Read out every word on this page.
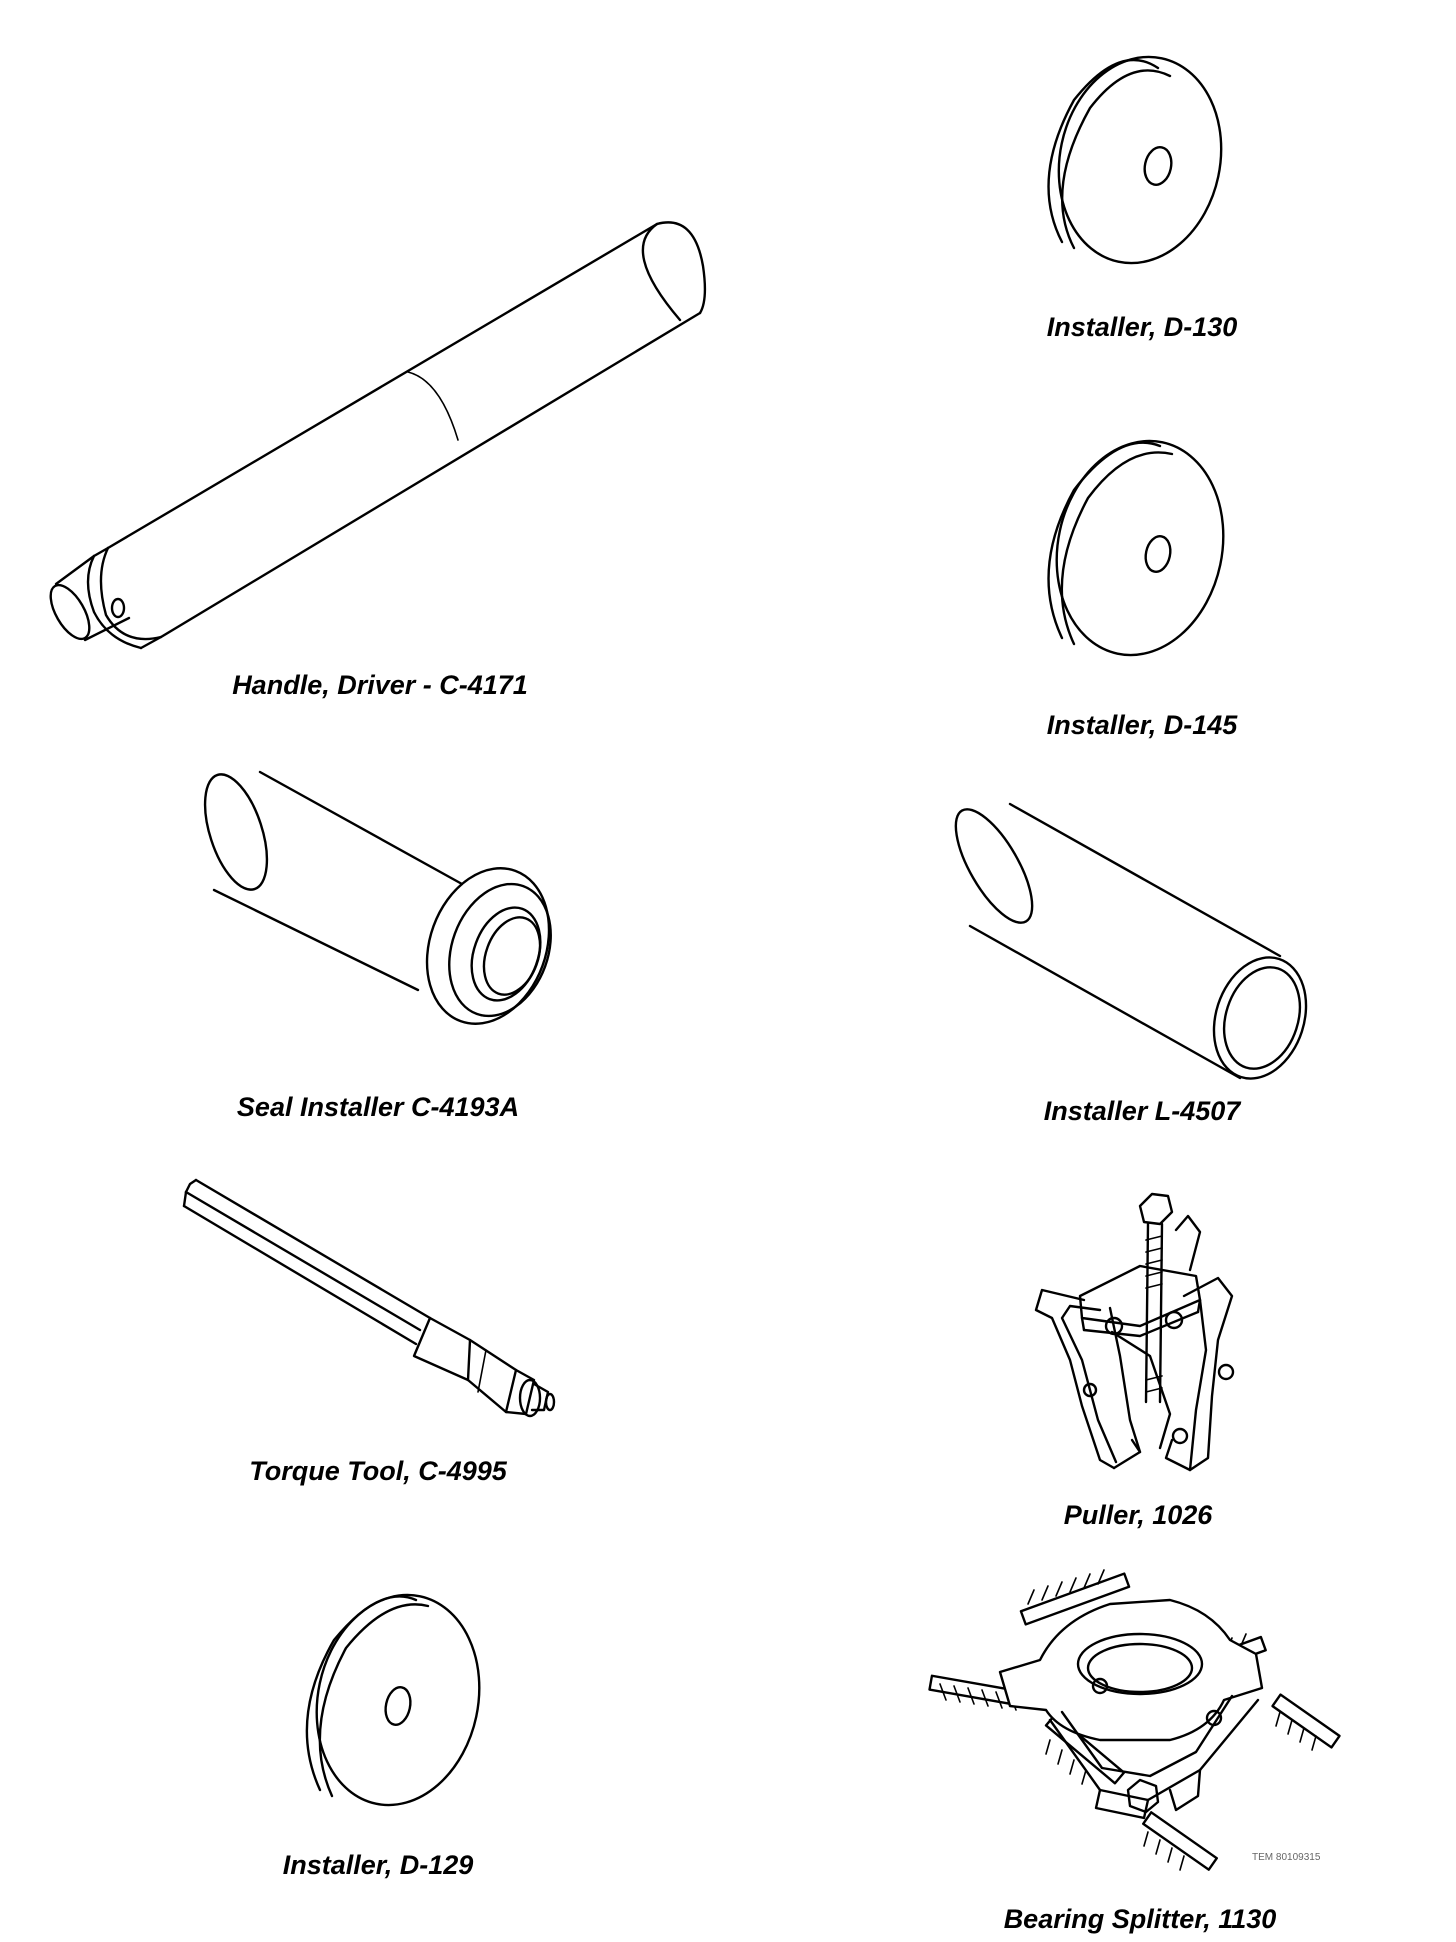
Handle, Driver - C-4171
Installer, D-130
Installer, D-145
Seal Installer C-4193A	Installer L-4507
Torque Tool, C-4995
Puller, 1026
Installer, D-129
Bearing Splitter, 1130
TEM 80109315
